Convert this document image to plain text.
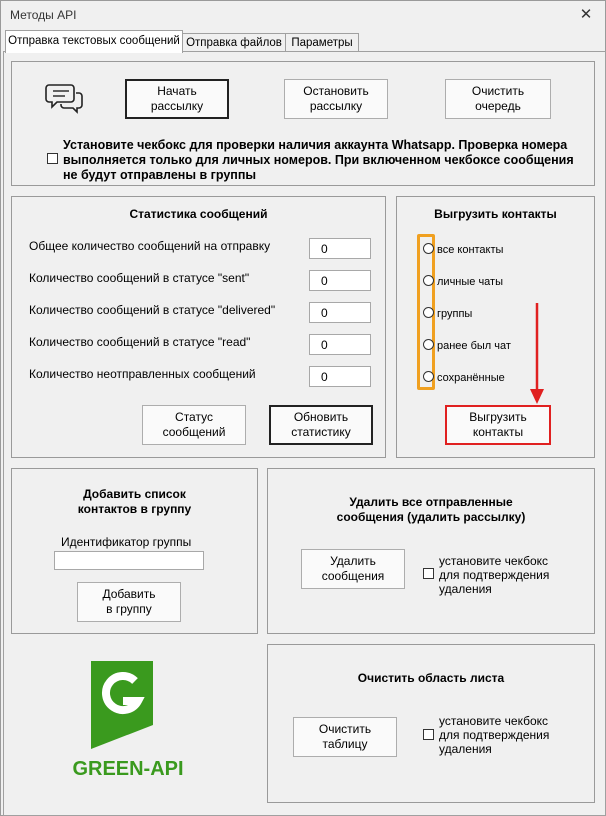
Методы API	✕
Отправка текстовых сообщений Отправка файлов Параметры
Начать
рассылку
Остановить
рассылку
Очистить
очередь
Установите чекбокс для проверки наличия аккаунта Whatsapp. Проверка номера выполняется только для личных номеров. При включенном чекбоксе сообщения не будут отправлены в группы
Статистика сообщений
Общее количество сообщений на отправку	0
Количество сообщений в статусе "sent"	0
Количество сообщений в статусе "delivered"	0
Количество сообщений в статусе "read"	0
Количество неотправленных сообщений	0
Статус
сообщений
Обновить
статистику
Выгрузить контакты
все контакты
личные чаты
группы
ранее был чат
сохранённые
Выгрузить
контакты
Добавить список
контактов в группу
Идентификатор группы
Добавить
в группу
Удалить все отправленные
сообщения (удалить рассылку)
Удалить
сообщения
установите чекбокс
для подтверждения
удаления
GREEN-API
Очистить область листа
Очистить
таблицу
установите чекбокс
для подтверждения
удаления
